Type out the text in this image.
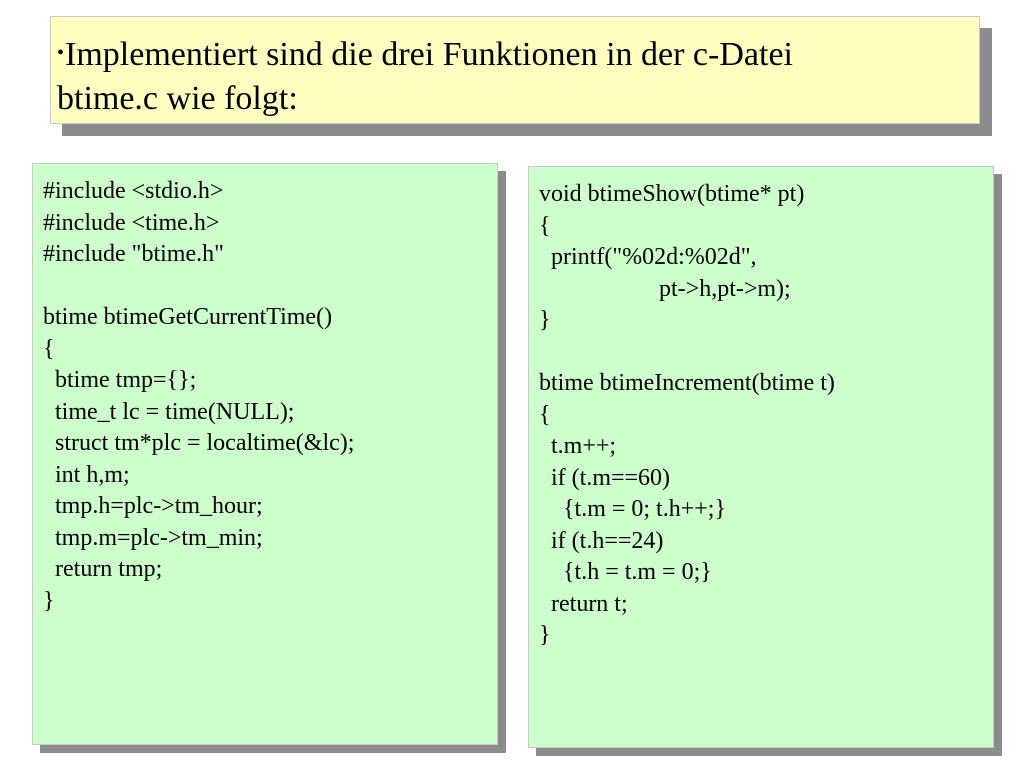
•Implementiert sind die drei Funktionen in der c-Datei
btime.c wie folgt:
#include <stdio.h>
#include <time.h>
#include "btime.h"
btime btimeGetCurrentTime()
{
btime tmp={};
time_t lc = time(NULL);
struct tm*plc = localtime(&lc);
int h,m;
tmp.h=plc->tm_hour;
tmp.m=plc->tm_min;
return tmp;
}
void btimeShow(btime* pt)
{
printf("%02d:%02d",
pt->h,pt->m);
}
btime btimeIncrement(btime t)
{
t.m++;
if (t.m==60)
{t.m = 0; t.h++;}
if (t.h==24)
{t.h = t.m = 0;}
return t;
}
